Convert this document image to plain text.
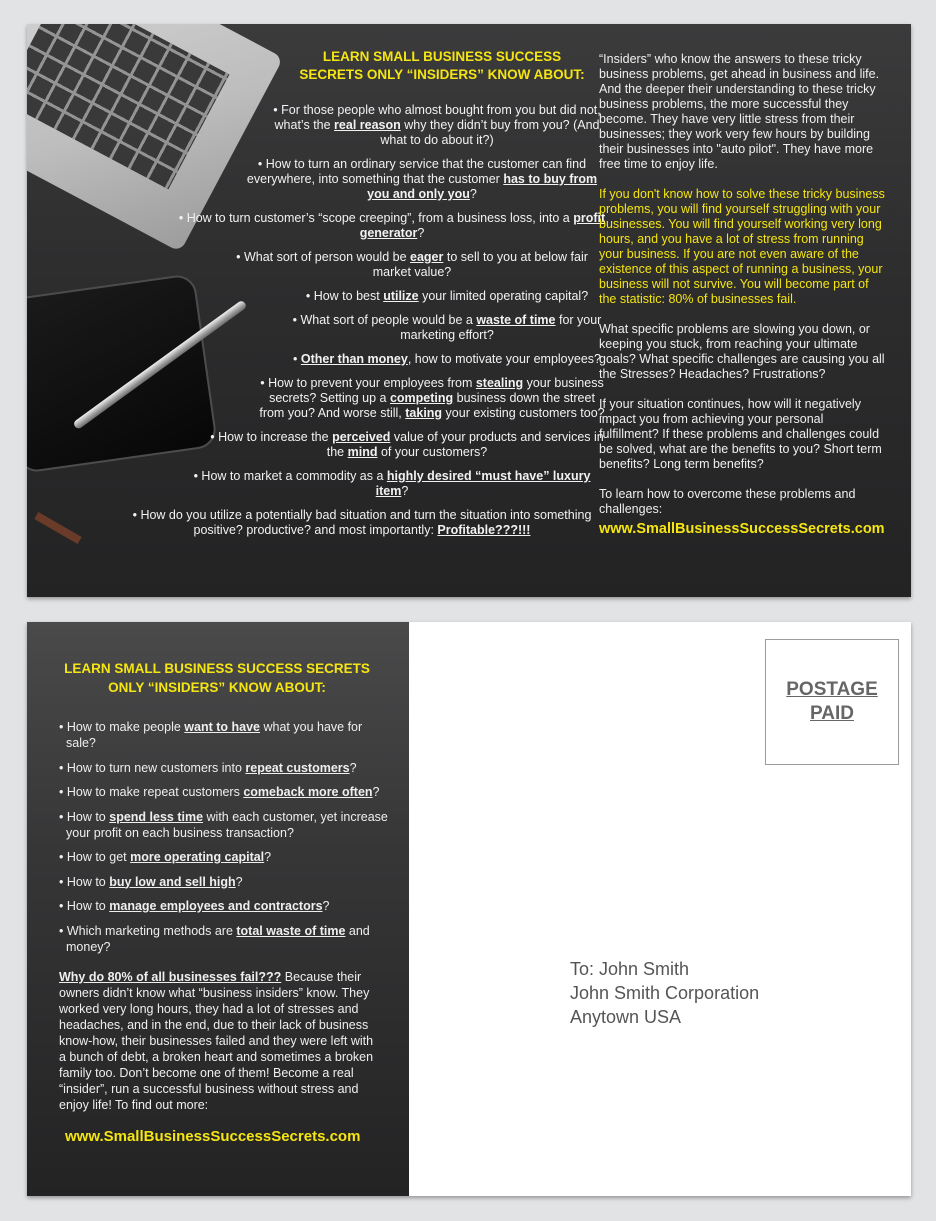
LEARN SMALL BUSINESS SUCCESS
SECRETS ONLY “INSIDERS” KNOW ABOUT:
• For those people who almost bought from you but did not, what’s the real reason why they didn’t buy from you? (And what to do about it?)
• How to turn an ordinary service that the customer can find everywhere, into something that the customer has to buy from you and only you?
• How to turn customer’s “scope creeping”, from a business loss, into a profit generator?
• What sort of person would be eager to sell to you at below fair market value?
• How to best utilize your limited operating capital?
• What sort of people would be a waste of time for your marketing effort?
• Other than money, how to motivate your employees?
• How to prevent your employees from stealing your business secrets? Setting up a competing business down the street from you? And worse still, taking your existing customers too?
• How to increase the perceived value of your products and services in the mind of your customers?
• How to market a commodity as a highly desired “must have” luxury item?
• How do you utilize a potentially bad situation and turn the situation into something positive? productive? and most importantly: Profitable???!!!

“Insiders” who know the answers to these tricky business problems, get ahead in business and life. And the deeper their understanding to these tricky business problems, the more successful they become. They have very little stress from their businesses; they work very few hours by building their businesses into "auto pilot". They have more free time to enjoy life.

If you don't know how to solve these tricky business problems, you will find yourself struggling with your businesses. You will find yourself working very long hours, and you have a lot of stress from running your business. If you are not even aware of the existence of this aspect of running a business, your business will not survive. You will become part of the statistic: 80% of businesses fail.

What specific problems are slowing you down, or keeping you stuck, from reaching your ultimate goals? What specific challenges are causing you all the Stresses? Headaches? Frustrations?

If your situation continues, how will it negatively impact you from achieving your personal fulfillment? If these problems and challenges could be solved, what are the benefits to you? Short term benefits? Long term benefits?

To learn how to overcome these problems and challenges:

www.SmallBusinessSuccessSecrets.com
LEARN SMALL BUSINESS SUCCESS SECRETS
ONLY “INSIDERS” KNOW ABOUT:
• How to make people want to have what you have for sale?
• How to turn new customers into repeat customers?
• How to make repeat customers comeback more often?
• How to spend less time with each customer, yet increase your profit on each business transaction?
• How to get more operating capital?
• How to buy low and sell high?
• How to manage employees and contractors?
• Which marketing methods are total waste of time and money?

Why do 80% of all businesses fail??? Because their owners didn’t know what “business insiders” know. They worked very long hours, they had a lot of stresses and headaches, and in the end, due to their lack of business know-how, their businesses failed and they were left with a bunch of debt, a broken heart and sometimes a broken family too. Don’t become one of them! Become a real “insider”, run a successful business without stress and enjoy life! To find out more:

www.SmallBusinessSuccessSecrets.com
POSTAGE
PAID
To: John Smith
John Smith Corporation
Anytown USA
